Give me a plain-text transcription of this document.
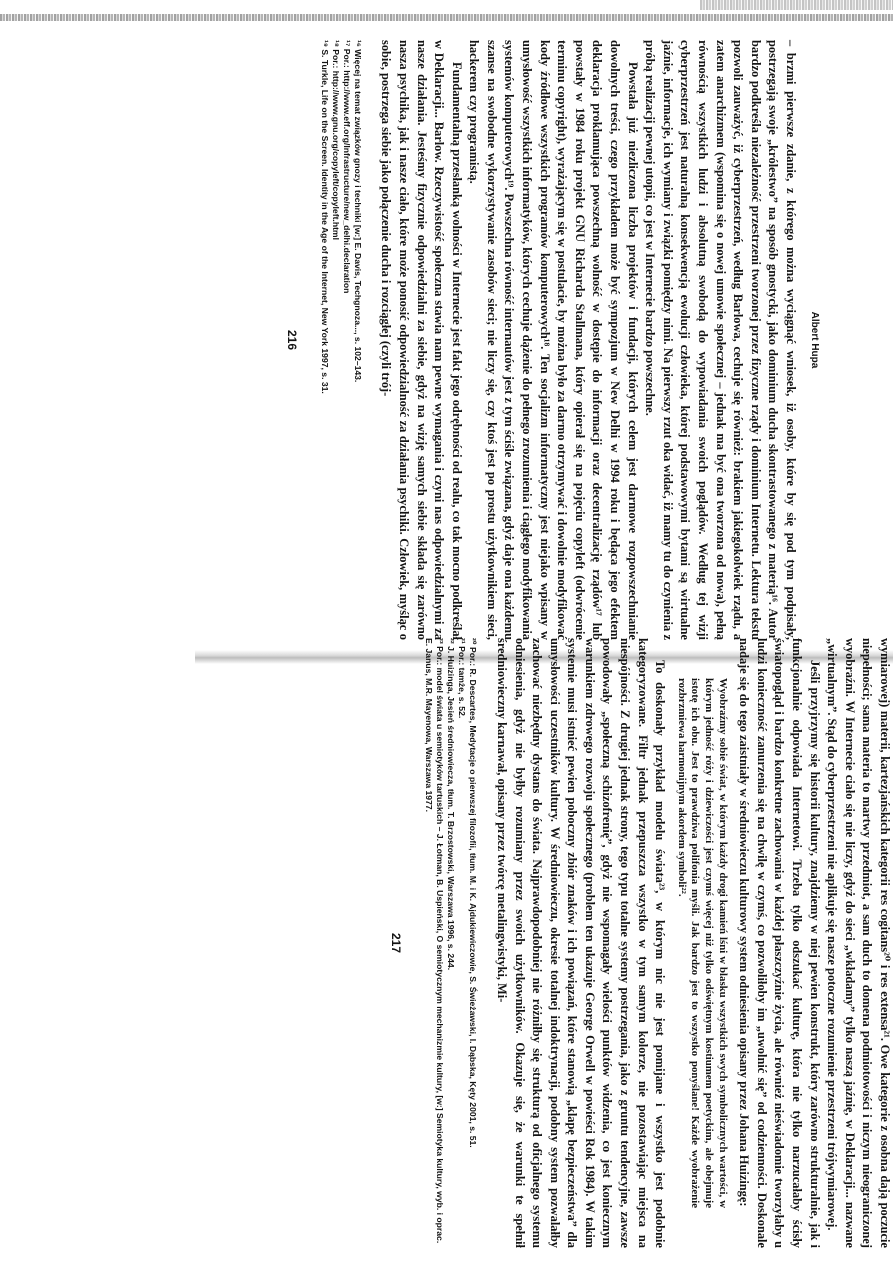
Albert Hupa

– brzmi pierwsze zdanie, z którego można wyciągnąć wniosek, iż osoby, które by się pod tym podpisały, postrzegają swoje „królestwo” na sposób gnostycki, jako dominium ducha skontrastowanego z materią¹⁶. Autor bardzo podkreśla niezależność przestrzeni tworzonej przez fizyczne rządy i dominium Internetu. Lektura tekstu pozwoli zauważyć, iż cyberprzestrzeń, według Barlowa, cechuje się również: brakiem jakiegokolwiek rządu, a zatem anarchizmem (wspomina się o nowej umowie społecznej – jednak ma być ona tworzona od nowa), pełną równością wszystkich ludzi i absolutną swobodą do wypowiadania swoich poglądów. Według tej wizji cyberprzestrzeń jest naturalną konsekwencją ewolucji człowieka, której podstawowymi bytami są wirtualne jaźnie, informacje, ich wymiany i związki pomiędzy nimi. Na pierwszy rzut oka widać, iż mamy tu do czynienia z próbą realizacji pewnej utopii, co jest w Internecie bardzo powszechne.

Powstała już niezliczona liczba projektów i fundacji, których celem jest darmowe rozpowszechnianie dowolnych treści, czego przykładem może być sympozjum w New Delhi w 1994 roku i będąca jego efektem deklaracja proklamująca powszechną wolność w dostępie do informacji oraz decentralizację rządów¹⁷ lub powstały w 1984 roku projekt GNU Richarda Stallmana, który opierał się na pojęciu copyleft (odwrócenie terminu copyright), wyrażającym się w postulacie, by można było za darmo otrzymywać i dowolnie modyfikować kody źródłowe wszystkich programów komputerowych¹⁸. Ten socjalizm informatyczny jest niejako wpisany w umysłowość wszystkich informatyków, których cechuje dążenie do pełnego zrozumienia i ciągłego modyfikowania systemów komputerowych¹⁹. Powszechna równość internautów jest z tym ściśle związana, gdyż daje ona każdemu szanse na swobodne wykorzystywanie zasobów sieci; nie liczy się, czy ktoś jest po prostu użytkownikiem sieci, hackerem czy programistą.

Fundamentalną przesłanką wolności w Internecie jest fakt jego odrębności od realu, co tak mocno podkreślał w Deklaracji... Barlow. Rzeczywistość społeczna stawia nam pewne wymagania i czyni nas odpowiedzialnymi za nasze działania. Jesteśmy fizycznie odpowiedzialni za siebie, gdyż na wizję samych siebie składa się zarówno nasza psychika, jak i nasze ciało, które może ponosić odpowiedzialność za działania psychiki. Człowiek, myśląc o sobie, postrzega siebie jako połączenie ducha i rozciągłej (czyli trój-

¹⁶ Więcej na temat związków gnozy i techniki [w:] E. Davis, Techgnoza..., s. 102–143.
¹⁷ Por.: http://www.eff.org/Infrastructure/new_delhi.declaration
¹⁸ Por.: http://www.gnu.org/copyleft/copyleft.html
¹⁹ S. Turkle, Life on the Screen. Identity in the Age of the Internet, New York 1997, s. 31.
216

wymiarowej) materii, kartezjańskich kategorii res cogitans²⁰ i res extensa²¹. Owe kategorie z osobna dają poczucie niepełności; sama materia to martwy przedmiot, a sam duch to domena podmiotowości i niczym nieograniczonej wyobraźni. W Internecie ciało się nie liczy, gdyż do sieci „wkładamy” tylko naszą jaźnię, w Deklaracji... nazwane „wirtualnym”. Stąd do cyberprzestrzeni nie aplikuje się nasze potoczne rozumienie przestrzeni trójwymiarowej.

Jeśli przyjrzymy się historii kultury, znajdziemy w niej pewien konstrukt, który zarówno strukturalnie, jak i funkcjonalnie odpowiada Internetowi. Trzeba tylko odszukać kulturę, która nie tylko narzucałaby ścisły światopogląd i bardzo konkretne zachowania w każdej płaszczyźnie życia, ale również nieświadomie tworzyłaby u ludzi konieczność zanurzenia się na chwilę w czymś, co pozwoliłoby im „uwolnić się” od codzienności. Doskonale nadaje się do tego zaistniały w średniowieczu kulturowy system odniesienia opisany przez Johana Huizingę:

Wyobraźmy sobie świat, w którym każdy drogi kamień lśni w blasku wszystkich swych symbolicznych wartości, w którym jedność róży i dziewiczości jest czymś więcej niż tylko odświętnym kostiumem poetyckim, ale obejmuje istotę ich obu. Jest to prawdziwa polifonia myśli. Jak bardzo jest to wszystko ponyślane! Każde wyobrażenie rozbrzmiewa harmonijnym akordem symboli²².

To doskonały przykład modelu świata²³, w którym nic nie jest pomijane i wszystko jest podobnie kategoryzowane. Filtr jednak przepuszcza wszystko w tym samym kolorze, nie pozostawiając miejsca na niespójności. Z drugiej jednak strony, tego typu totalne systemy postrzegania, jako z gruntu tendencyjne, zawsze powodowały „społeczną schizofrenię”, gdyż nie wspomagały wielości punktów widzenia, co jest koniecznym warunkiem zdrowego rozwoju społecznego (problem ten ukazuje George Orwell w powieści Rok 1984). W takim systemie musi istnieć pewien poboczny zbiór znaków i ich powiązań, które stanowią „klapę bezpieczeństwa” dla umysłowości uczestników kultury. W średniowieczu, okresie totalnej indoktrynacji, podobny system pozwalałby zachować niezbędny dystans do świata. Najprawdopodobniej nie różniłby się strukturą od oficjalnego systemu odniesienia, gdyż nie byłby rozumiany przez swoich użytkowników. Okazuje się, że warunki te spełnił średniowieczny karnawał, opisany przez twórcę metalingwistyki, Mi-

²⁰ Por.: R. Descartes, Medytacje o pierwszej filozofii, tłum. M. i K. Ajdukiewiczowie, S. Świeżawski, I. Dąbska, Kęty 2001, s. 51.
²¹ Por.: tamże, s. 52.
²² J. Huizinga, Jesień średniowiecza, tłum. T. Brzostowski, Warszawa 1996, s. 244.
²³ Por.: model świata u semiotyków tartuskich – J. Łotman, B. Uspieński, O semiotycznym mechanizmie kultury, [w:] Semiotyka kultury, wyb. i oprac. E. Janus, M.R. Mayenowa, Warszawa 1977.
217
